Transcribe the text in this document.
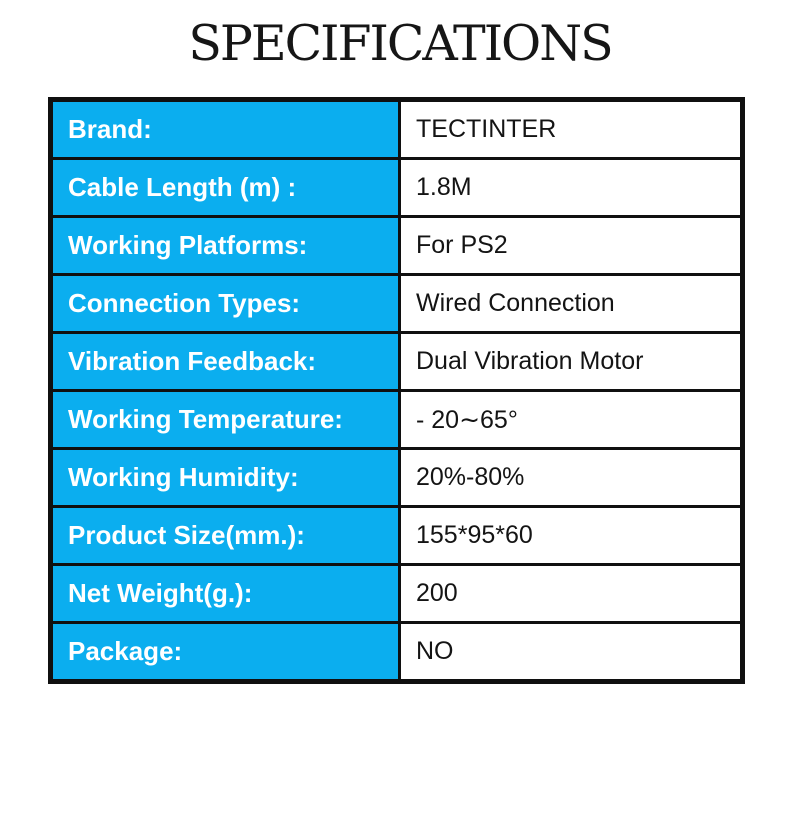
SPECIFICATIONS
Brand:	TECTINTER
Cable Length (m) :	1.8M
Working Platforms:	For PS2
Connection Types:	Wired Connection
Vibration Feedback:	Dual Vibration Motor
Working Temperature:	- 20∼65°
Working Humidity:	20%-80%
Product Size(mm.):	155*95*60
Net Weight(g.):	200
Package:	NO
